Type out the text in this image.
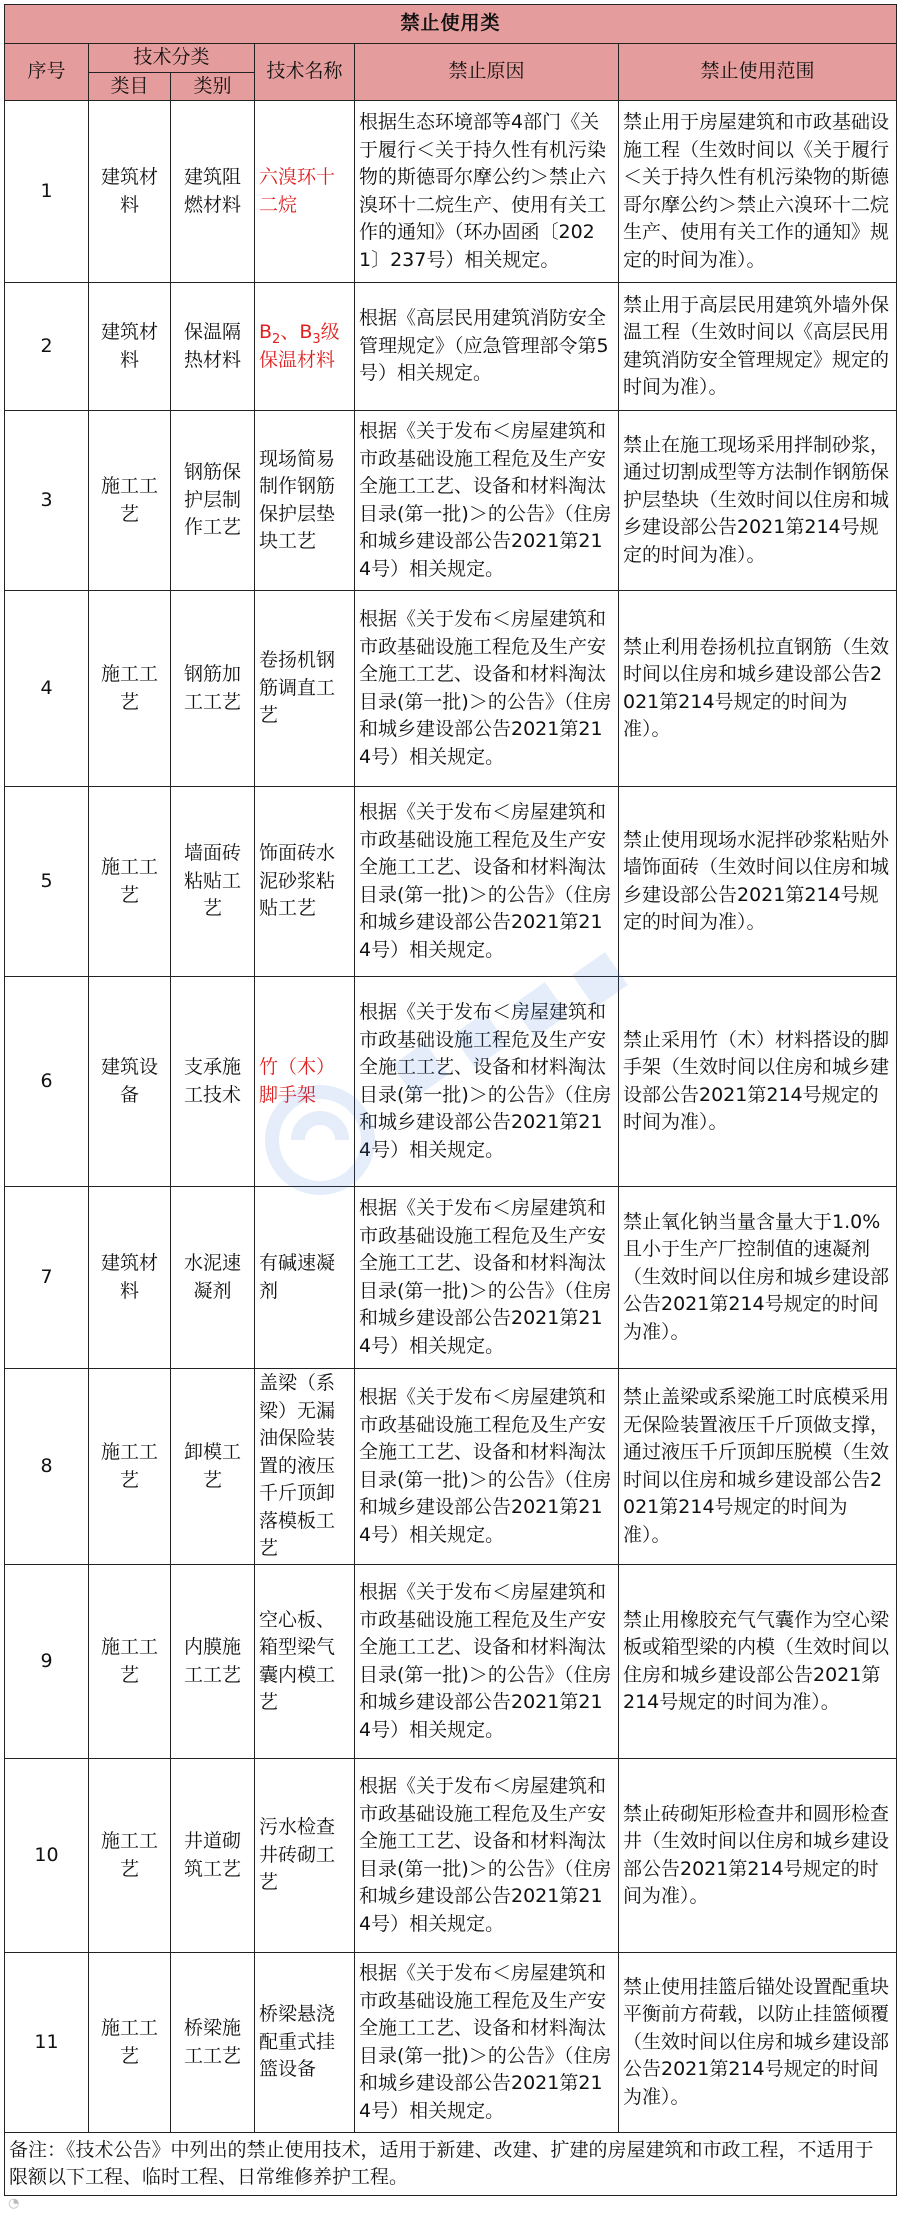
禁止使用类					
序号	技术分类		技术名称	禁止原因	禁止使用范围
	类目	类别			
1	建筑材料	建筑阻燃材料	六溴环十二烷	根据生态环境部等4部门《关于履行＜关于持久性有机污染物的斯德哥尔摩公约＞禁止六溴环十二烷生产、使用有关工作的通知》（环办固函〔2021〕237号）相关规定。	禁止用于房屋建筑和市政基础设施工程（生效时间以《关于履行＜关于持久性有机污染物的斯德哥尔摩公约＞禁止六溴环十二烷生产、使用有关工作的通知》规定的时间为准）。
2	建筑材料	保温隔热材料	$B_2$、$B_3$级保温材料	根据《高层民用建筑消防安全管理规定》（应急管理部令第5号）相关规定。	禁止用于高层民用建筑外墙外保温工程（生效时间以《高层民用建筑消防安全管理规定》规定的时间为准）。
3	施工工艺	钢筋保护层制作工艺	现场简易制作钢筋保护层垫块工艺	根据《关于发布＜房屋建筑和市政基础设施工程危及生产安全施工工艺、设备和材料淘汰目录(第一批)＞的公告》（住房和城乡建设部公告2021第214号）相关规定。	禁止在施工现场采用拌制砂浆，通过切割成型等方法制作钢筋保护层垫块（生效时间以住房和城乡建设部公告2021第214号规定的时间为准）。
4	施工工艺	钢筋加工工艺	卷扬机钢筋调直工艺	根据《关于发布＜房屋建筑和市政基础设施工程危及生产安全施工工艺、设备和材料淘汰目录(第一批)＞的公告》（住房和城乡建设部公告2021第214号）相关规定。	禁止利用卷扬机拉直钢筋（生效时间以住房和城乡建设部公告2021第214号规定的时间为准）。
5	施工工艺	墙面砖粘贴工艺	饰面砖水泥砂浆粘贴工艺	根据《关于发布＜房屋建筑和市政基础设施工程危及生产安全施工工艺、设备和材料淘汰目录(第一批)＞的公告》（住房和城乡建设部公告2021第214号）相关规定。	禁止使用现场水泥拌砂浆粘贴外墙饰面砖（生效时间以住房和城乡建设部公告2021第214号规定的时间为准）。
6	建筑设备	支承施工技术	竹（木）脚手架	根据《关于发布＜房屋建筑和市政基础设施工程危及生产安全施工工艺、设备和材料淘汰目录(第一批)＞的公告》（住房和城乡建设部公告2021第214号）相关规定。	禁止采用竹（木）材料搭设的脚手架（生效时间以住房和城乡建设部公告2021第214号规定的时间为准）。
7	建筑材料	水泥速凝剂	有碱速凝剂	根据《关于发布＜房屋建筑和市政基础设施工程危及生产安全施工工艺、设备和材料淘汰目录(第一批)＞的公告》（住房和城乡建设部公告2021第214号）相关规定。	禁止氧化钠当量含量大于1.0%且小于生产厂控制值的速凝剂（生效时间以住房和城乡建设部公告2021第214号规定的时间为准）。
8	施工工艺	卸模工艺	盖梁（系梁）无漏油保险装置的液压千斤顶卸落模板工艺	根据《关于发布＜房屋建筑和市政基础设施工程危及生产安全施工工艺、设备和材料淘汰目录(第一批)＞的公告》（住房和城乡建设部公告2021第214号）相关规定。	禁止盖梁或系梁施工时底模采用无保险装置液压千斤顶做支撑，通过液压千斤顶卸压脱模（生效时间以住房和城乡建设部公告2021第214号规定的时间为准）。
9	施工工艺	内膜施工工艺	空心板、箱型梁气囊内模工艺	根据《关于发布＜房屋建筑和市政基础设施工程危及生产安全施工工艺、设备和材料淘汰目录(第一批)＞的公告》（住房和城乡建设部公告2021第214号）相关规定。	禁止用橡胶充气气囊作为空心梁板或箱型梁的内模（生效时间以住房和城乡建设部公告2021第214号规定的时间为准）。
10	施工工艺	井道砌筑工艺	污水检查井砖砌工艺	根据《关于发布＜房屋建筑和市政基础设施工程危及生产安全施工工艺、设备和材料淘汰目录(第一批)＞的公告》（住房和城乡建设部公告2021第214号）相关规定。	禁止砖砌矩形检查井和圆形检查井（生效时间以住房和城乡建设部公告2021第214号规定的时间为准）。
11	施工工艺	桥梁施工工艺	桥梁悬浇配重式挂篮设备	根据《关于发布＜房屋建筑和市政基础设施工程危及生产安全施工工艺、设备和材料淘汰目录(第一批)＞的公告》（住房和城乡建设部公告2021第214号）相关规定。	禁止使用挂篮后锚处设置配重块平衡前方荷载，以防止挂篮倾覆（生效时间以住房和城乡建设部公告2021第214号规定的时间为准）。
备注：《技术公告》中列出的禁止使用技术，适用于新建、改建、扩建的房屋建筑和市政工程，不适用于限额以下工程、临时工程、日常维修养护工程。					
◔
